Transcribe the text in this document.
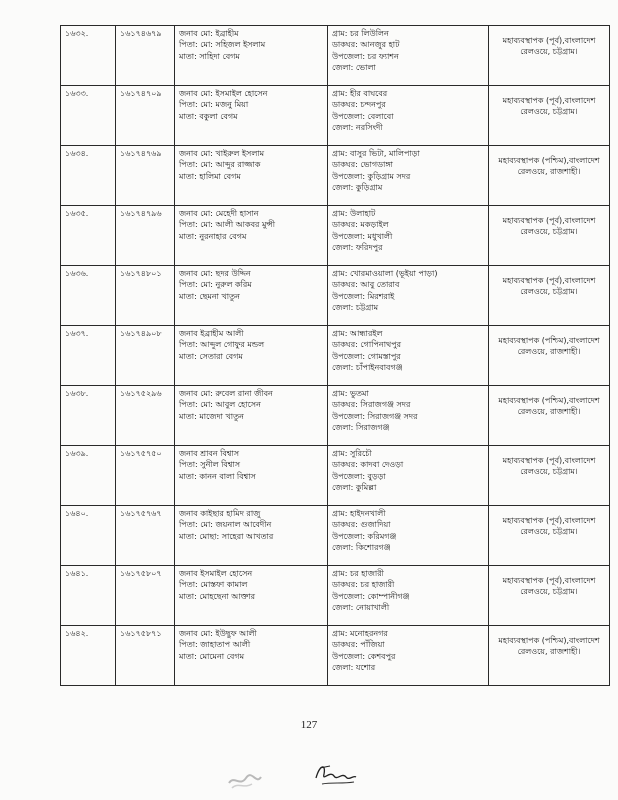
১৬৩২.	১৬১৭৪৬৭৯	জনাব মো: ইব্রাহীম
পিতা: মো: সহিজল ইসলাম
মাতা: সাহিদা বেগম	গ্রাম: চর লিউলিন
ডাকঘর: আনজুর হাট
উপজেলা: চর ফ্যাশন
জেলা: ভোলা	মহাব্যবস্থাপক (পূর্ব),বাংলাদেশ রেলওয়ে, চট্টগ্রাম।
১৬৩৩.	১৬১৭৪৭০৯	জনাব মো: ইসমাইল হোসেন
পিতা: মো: মজনু মিয়া
মাতা: বকুলা বেগম	গ্রাম: হীর বাঘবের
ডাকঘর: চন্দনপুর
উপজেলা: বেলাবো
জেলা: নরসিংদী	মহাব্যবস্থাপক (পূর্ব),বাংলাদেশ রেলওয়ে, চট্টগ্রাম।
১৬৩৪.	১৬১৭৪৭৬৯	জনাব মো: খাইরুল ইসলাম
পিতা: মো: আব্দুর রাজ্জাক
মাতা: হালিমা বেগম	গ্রাম: বাসুর ভিটা, মালিপাড়া
ডাকঘর: ভোগডাঙ্গা
উপজেলা: কুড়িগ্রাম সদর
জেলা: কুড়িগ্রাম	মহাব্যবস্থাপক (পশ্চিম),বাংলাদেশ রেলওয়ে, রাজশাহী।
১৬৩৫.	১৬১৭৪৭৯৬	জনাব মো: মেহেদী হাসান
পিতা: মো: আলী আকবর মুন্সী
মাতা: নুরনাহার বেগম	গ্রাম: উলাহাট
ডাকঘর: মকড়াইল
উপজেলা: মধুখালী
জেলা: ফরিদপুর	মহাব্যবস্থাপক (পূর্ব),বাংলাদেশ রেলওয়ে, চট্টগ্রাম।
১৬৩৬.	১৬১৭৪৮০১	জনাব মো: ছদর উদ্দিন
পিতা: মো: নুরুল করিম
মাতা: ছেমনা খাতুন	গ্রাম: খোরমাওয়ালা (ভূইয়া পাড়া)
ডাকঘর: আবু তোরাব
উপজেলা: মিরশরাই
জেলা: চট্টগ্রাম	মহাব্যবস্থাপক (পূর্ব),বাংলাদেশ রেলওয়ে, চট্টগ্রাম।
১৬৩৭.	১৬১৭৪৯০৮	জনাব ইব্রাহীম আলী
পিতা: আব্দুল গোফুর মন্ডল
মাতা: সেতারা বেগম	গ্রাম: আন্ধারইল
ডাকঘর: গোপিনাথপুর
উপজেলা: গোমস্তাপুর
জেলা: চাঁপাইনবাবগঞ্জ	মহাব্যবস্থাপক (পশ্চিম),বাংলাদেশ রেলওয়ে, রাজশাহী।
১৬৩৮.	১৬১৭৫২৯৬	জনাব মো: রুবেল রানা জীবন
পিতা: মো: আবুল হোসেন
মাতা: মাজেদা খাতুন	গ্রাম: ভুতমা
ডাকঘর: সিরাজগঞ্জ সদর
উপজেলা: সিরাজগঞ্জ সদর
জেলা: সিরাজগঞ্জ	মহাব্যবস্থাপক (পশ্চিম),বাংলাদেশ রেলওয়ে, রাজশাহী।
১৬৩৯.	১৬১৭৫৭৫০	জনাব শ্রাবন বিশ্বাস
পিতা: সুনীল বিশ্বাস
মাতা: কানন বালা বিশ্বাস	গ্রাম: সুরিচৌ
ডাকঘর: কাদবা দেওড়া
উপজেলা: বুড়ড়া
জেলা: কুমিল্লা	মহাব্যবস্থাপক (পূর্ব),বাংলাদেশ রেলওয়ে, চট্টগ্রাম।
১৬৪০.	১৬১৭৫৭৬৭	জনাব কাইছার হামিদ রাজু
পিতা: মো: জয়নাল আবেদীন
মাতা: মোছা: সাহেরা আখতার	গ্রাম: হাইদনখালী
ডাকঘর: গুজাদিয়া
উপজেলা: করিমগঞ্জ
জেলা: কিশোরগঞ্জ	মহাব্যবস্থাপক (পূর্ব),বাংলাদেশ রেলওয়ে, চট্টগ্রাম।
১৬৪১.	১৬১৭৫৮০৭	জনাব ইসমাইল হোসেন
পিতা: মোস্তফা কামাল
মাতা: মোহছেনা আক্তার	গ্রাম: চর হাজারী
ডাকঘর: চর হাজারী
উপজেলা: কোম্পানীগঞ্জ
জেলা: নোয়াখালী	মহাব্যবস্থাপক (পূর্ব),বাংলাদেশ রেলওয়ে, চট্টগ্রাম।
১৬৪২.	১৬১৭৫৮৭১	জনাব মো: ইউছুফ আলী
পিতা: জাহাতাপ আলী
মাতা: মোমেনা বেগম	গ্রাম: মনোহরনগর
ডাকঘর: পাঁজিয়া
উপজেলা: কেশবপুর
জেলা: যশোর	মহাব্যবস্থাপক (পশ্চিম),বাংলাদেশ রেলওয়ে, রাজশাহী।
127
